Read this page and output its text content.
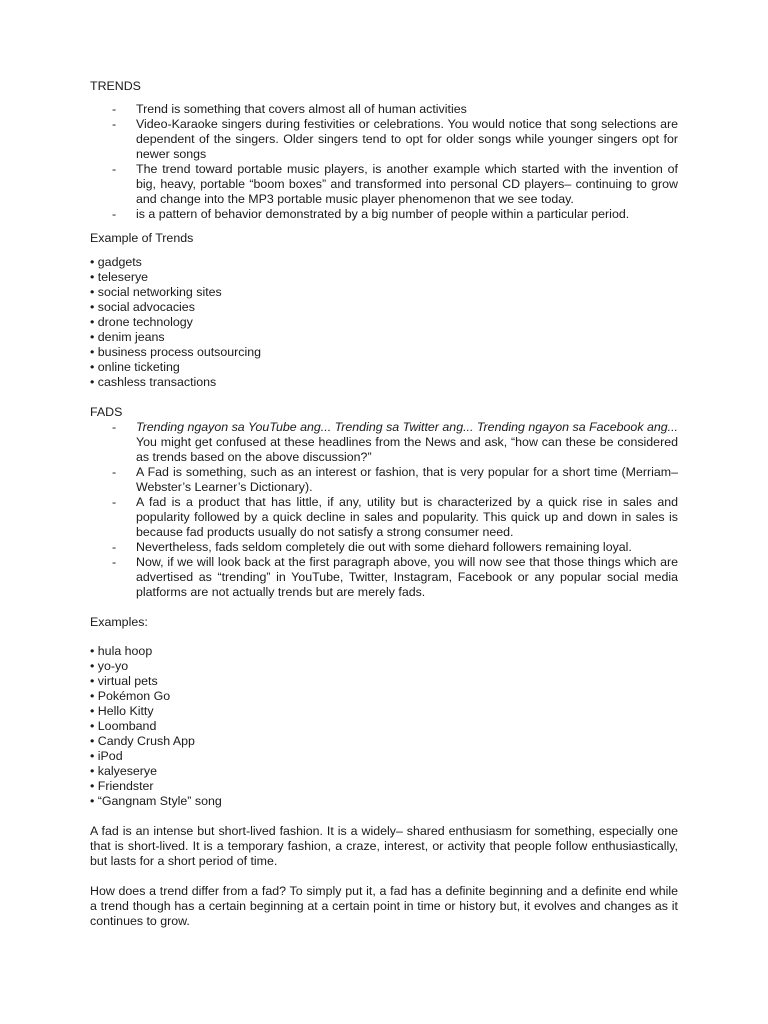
TRENDS

- Trend is something that covers almost all of human activities
- Video-Karaoke singers during festivities or celebrations. You would notice that song selections are dependent of the singers. Older singers tend to opt for older songs while younger singers opt for newer songs
- The trend toward portable music players, is another example which started with the invention of big, heavy, portable “boom boxes” and transformed into personal CD players– continuing to grow and change into the MP3 portable music player phenomenon that we see today.
- is a pattern of behavior demonstrated by a big number of people within a particular period.

Example of Trends

• gadgets
• teleserye
• social networking sites
• social advocacies
• drone technology
• denim jeans
• business process outsourcing
• online ticketing
• cashless transactions

FADS

- Trending ngayon sa YouTube ang... Trending sa Twitter ang... Trending ngayon sa Facebook ang... You might get confused at these headlines from the News and ask, “how can these be considered as trends based on the above discussion?”
- A Fad is something, such as an interest or fashion, that is very popular for a short time (Merriam–Webster’s Learner’s Dictionary).
- A fad is a product that has little, if any, utility but is characterized by a quick rise in sales and popularity followed by a quick decline in sales and popularity. This quick up and down in sales is because fad products usually do not satisfy a strong consumer need.
- Nevertheless, fads seldom completely die out with some diehard followers remaining loyal.
- Now, if we will look back at the first paragraph above, you will now see that those things which are advertised as “trending” in YouTube, Twitter, Instagram, Facebook or any popular social media platforms are not actually trends but are merely fads.

Examples:

• hula hoop
• yo-yo
• virtual pets
• Pokémon Go
• Hello Kitty
• Loomband
• Candy Crush App
• iPod
• kalyeserye
• Friendster
• “Gangnam Style” song

A fad is an intense but short-lived fashion. It is a widely– shared enthusiasm for something, especially one that is short-lived. It is a temporary fashion, a craze, interest, or activity that people follow enthusiastically, but lasts for a short period of time.

How does a trend differ from a fad? To simply put it, a fad has a definite beginning and a definite end while a trend though has a certain beginning at a certain point in time or history but, it evolves and changes as it continues to grow.
